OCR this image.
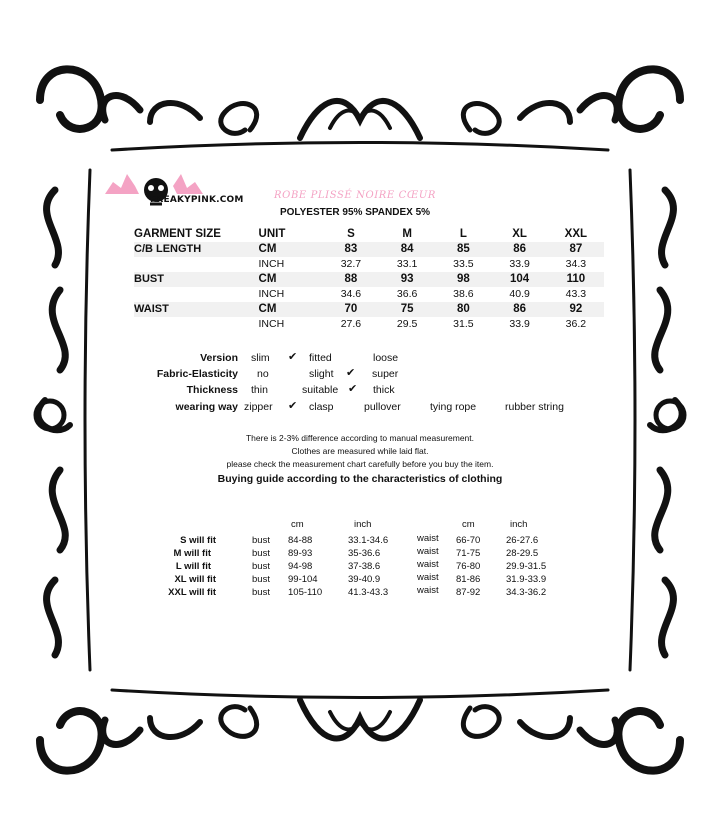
FREAKYPINK.COM	ROBE PLISSÉ NOIRE CŒUR
POLYESTER 95% SPANDEX 5%
GARMENT SIZE	UNIT	S	M	L	XL	XXL
C/B LENGTH	CM	83	84	85	86	87
	INCH	32.7	33.1	33.5	33.9	34.3
BUST	CM	88	93	98	104	110
	INCH	34.6	36.6	38.6	40.9	43.3
WAIST	CM	70	75	80	86	92
	INCH	27.6	29.5	31.5	33.9	36.2
Version slim ✔ fitted	loose
Fabric-Elasticity no	slight ✔ super
Thickness thin	suitable ✔ thick
wearing way zipper ✔ clasp	pullover	tying rope	rubber string
There is 2-3% difference according to manual measurement.
Clothes are measured while laid flat.
please check the measurement chart carefully before you buy the item.
Buying guide according to the characteristics of clothing
cm	inch	cm	inch
S will fit	bust 84-88	33.1-34.6	waist 66-70	26-27.6
M will fit	bust 89-93	35-36.6	waist 71-75	28-29.5
L will fit	bust 94-98	37-38.6	waist 76-80	29.9-31.5
XL will fit	bust 99-104	39-40.9	waist 81-86	31.9-33.9
XXL will fit	bust 105-110	41.3-43.3	waist 87-92	34.3-36.2
